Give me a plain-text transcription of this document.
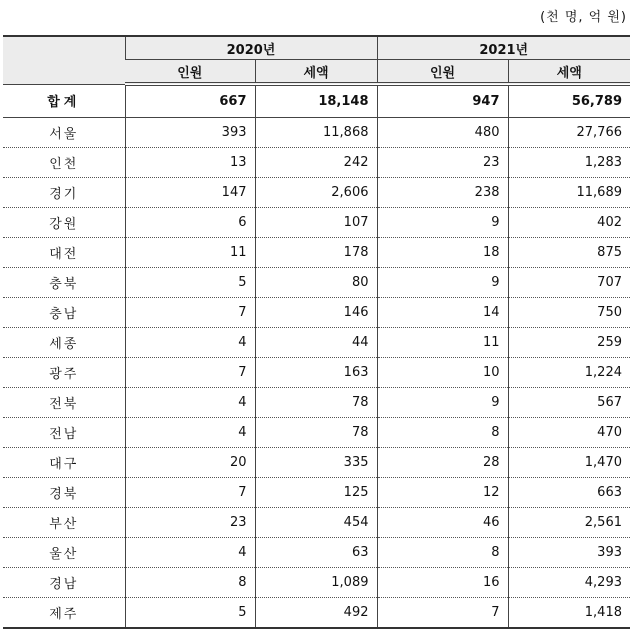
(천 명, 억 원)
	2020년		2021년	
	인원	세액	인원	세액
합계	667	18,148	947	56,789
서울	393	11,868	480	27,766
인천	13	242	23	1,283
경기	147	2,606	238	11,689
강원	6	107	9	402
대전	11	178	18	875
충북	5	80	9	707
충남	7	146	14	750
세종	4	44	11	259
광주	7	163	10	1,224
전북	4	78	9	567
전남	4	78	8	470
대구	20	335	28	1,470
경북	7	125	12	663
부산	23	454	46	2,561
울산	4	63	8	393
경남	8	1,089	16	4,293
제주	5	492	7	1,418
